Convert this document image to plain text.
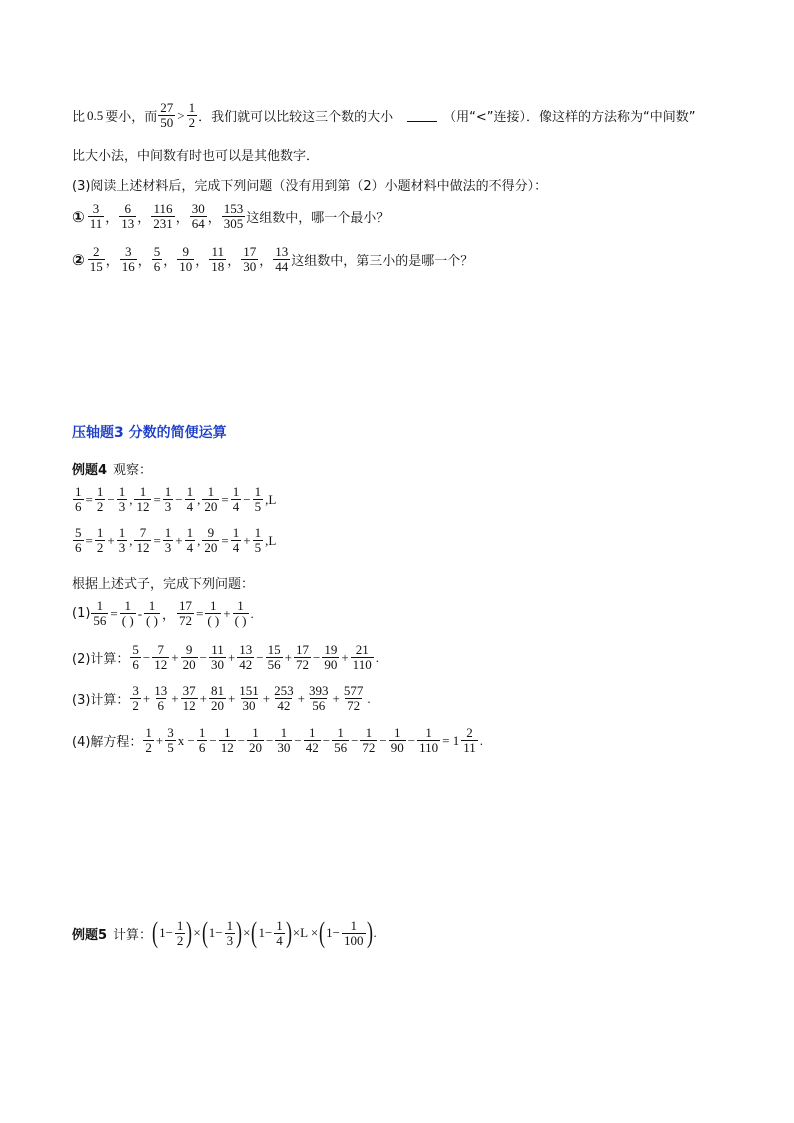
比 0.5 要小，而 $\frac{27}{50} > \frac{1}{2}$ ．我们就可以比较这三个数的大小	（用“<”连接）．像这样的方法称为“中间数”
比大小法，中间数有时也可以是其他数字．
(3)阅读上述材料后，完成下列问题（没有用到第（2）小题材料中做法的不得分）：
① $\frac{3}{11}$ ， $\frac{6}{13}$ ， $\frac{116}{231}$ ， $\frac{30}{64}$ ， $\frac{153}{305}$ 这组数中，哪一个最小？
② $\frac{2}{15}$ ， $\frac{3}{16}$ ， $\frac{5}{6}$ ， $\frac{9}{10}$ ， $\frac{11}{18}$ ， $\frac{17}{30}$ ， $\frac{13}{44}$ 这组数中，第三小的是哪一个？
压轴题3 分数的简便运算
例题4 观察：
$\frac{1}{6} = \frac{1}{2} - \frac{1}{3}$ , $\frac{1}{12} = \frac{1}{3} - \frac{1}{4}$ , $\frac{1}{20} = \frac{1}{4} - \frac{1}{5} ,L$
$\frac{5}{6} = \frac{1}{2} + \frac{1}{3}$ , $\frac{7}{12} = \frac{1}{3} + \frac{1}{4}$ , $\frac{9}{20} = \frac{1}{4} + \frac{1}{5} ,L$
根据上述式子，完成下列问题：
$(1) \frac{1}{56} = \frac{1}{( )} - \frac{1}{( )}$ ， $\frac{17}{72} = \frac{1}{( )} + \frac{1}{( )}$ .
(2)计算： $\frac{5}{6} - \frac{7}{12} + \frac{9}{20} - \frac{11}{30} + \frac{13}{42} - \frac{15}{56} + \frac{17}{72} - \frac{19}{90} + \frac{21}{110}$ .
(3)计算： $\frac{3}{2} + \frac{13}{6} + \frac{37}{12} + \frac{81}{20} + \frac{151}{30} + \frac{253}{42} + \frac{393}{56} + \frac{577}{72}$ .
(4)解方程： $\frac{1}{2} + \frac{3}{5}$ $x - \frac{1}{6} - \frac{1}{12} - \frac{1}{20} - \frac{1}{30} - \frac{1}{42} - \frac{1}{56} - \frac{1}{72} - \frac{1}{90} - \frac{1}{110} = 1 \frac{2}{11}$ .
例题5 计算： ( $1- \frac{1}{2}$ ) × ( $1- \frac{1}{3}$ ) × ( $1- \frac{1}{4}$ ) ×L × ( $1- \frac{1}{100}$ ) .
